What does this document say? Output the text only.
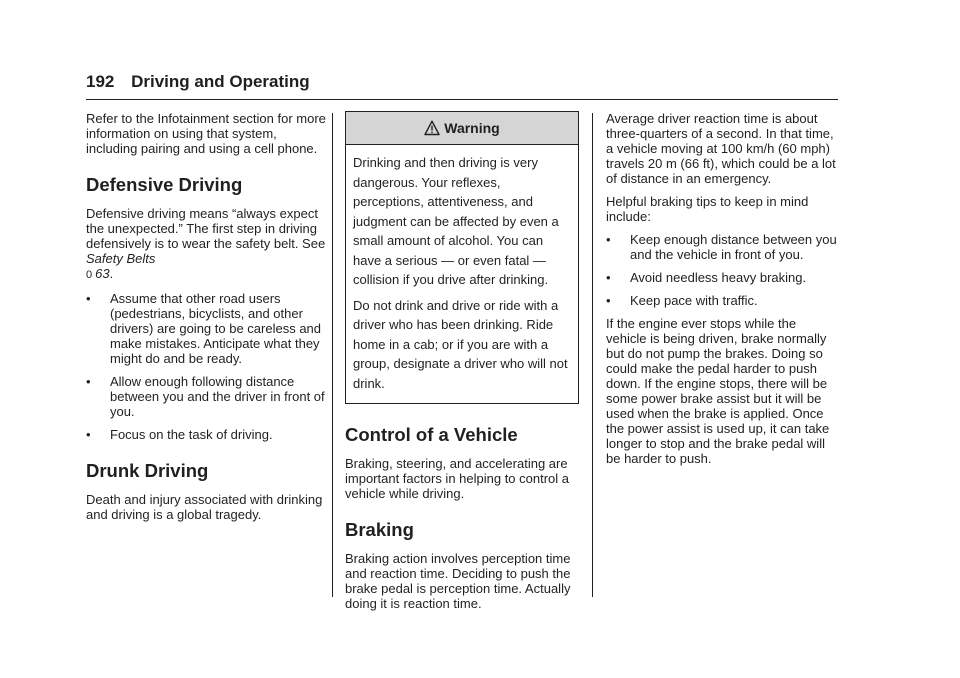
192 Driving and Operating

Refer to the Infotainment section for more information on using that system, including pairing and using a cell phone.

Defensive Driving

Defensive driving means “always expect the unexpected.” The first step in driving defensively is to wear the safety belt. See Safety Belts
0 63.

• Assume that other road users (pedestrians, bicyclists, and other drivers) are going to be careless and make mistakes. Anticipate what they might do and be ready.
• Allow enough following distance between you and the driver in front of you.
• Focus on the task of driving.
Drunk Driving

Death and injury associated with drinking and driving is a global tragedy.

Warning

Drinking and then driving is very dangerous. Your reflexes, perceptions, attentiveness, and judgment can be affected by even a small amount of alcohol. You can have a serious — or even fatal — collision if you drive after drinking.

Do not drink and drive or ride with a driver who has been drinking. Ride home in a cab; or if you are with a group, designate a driver who will not drink.

Control of a Vehicle

Braking, steering, and accelerating are important factors in helping to control a vehicle while driving.

Braking

Braking action involves perception time and reaction time. Deciding to push the brake pedal is perception time. Actually doing it is reaction time.

Average driver reaction time is about three-quarters of a second. In that time, a vehicle moving at 100 km/h (60 mph) travels 20 m (66 ft), which could be a lot of distance in an emergency.

Helpful braking tips to keep in mind include:

• Keep enough distance between you and the vehicle in front of you.
• Avoid needless heavy braking.
• Keep pace with traffic.

If the engine ever stops while the vehicle is being driven, brake normally but do not pump the brakes. Doing so could make the pedal harder to push down. If the engine stops, there will be some power brake assist but it will be used when the brake is applied. Once the power assist is used up, it can take longer to stop and the brake pedal will be harder to push.
